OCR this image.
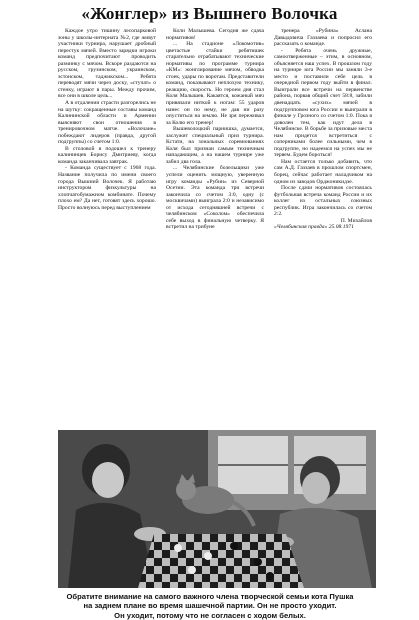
«Жонглер» из Вышнего Волочка

Каждое утро тишину лесопарковой зоны у школы-интерната №2, где живут участники турнира, нарушает дробный перестук мячей. Вместо зарядки игроки команд предпочитают проводить разминку с мячом. Вскоре раздаются на русском, грузинском, украинском, эстонском, таджикском... Ребята переводят мячи через доску, «стучат» о стенку, играют в пары. Между прочим, все они в школе цель...

А в отдалении страсти разгорелись не на шутку: сокращенные составы команд Калининской области и Армении выясняют свои отношения в тренировочном матче. «Волочане» побеждают лидеров (правда, другой подгруппы) со счетом 1:0.

В столовой я подошел к тренеру калининцев Борису Дмитриеву, когда команда заканчивала завтрак.

- Команда существует с 1968 года. Название получила по имени своего города Вышний Волочек. Я работаю инструктором физкультуры на хлопчатобумажном комбинате. Почему плохо ем? Да нет, готовят здесь хорошо. Просто волнуюсь перед выступлением

Коли Малышева. Сегодня же сдача нормативов!

... На стадионе «Локомотив» цветастые стайки ребятишек старательно отрабатывают технические нормативы по программе турнира «КМ»: жонглирование мячом, обводка стоек, удары по воротам. Представители команд, показывают неплохую технику, реакцию, скорость. Но героем дня стал Коля Малышев. Какаятся, кожаный мяч привязали ниткой к ногам: 55 ударов нанес он по нему, не дав ни разу опуститься на землю. Не зря переживал за Колю его тренер!

Вышеволоцкий парнишка, думается, заслужит специальный приз турнира. Кстати, на зональных соревнованиях Коля был признан самым техничным нападающим, а на нашем турнире уже забил два гола.

... Челябинские болельщики уже успели оценить мощную, уверенную игру команды «Рубин» из Северной Осетии. Эта команда три встречи закончила со счетом 3:0, одну (с москвичами) выиграла 2:0 и независимо от исхода сегодняшней встречи с челябинском «Соколом» обеспечила себе выход в финальную четверку. Я встретил на трибуне

тренера «Рубина» Аслана Давыдовича Газзаева и попросил его рассказать о команде.

- Ребята очень дружные, самоотверженные – этим, в основном, объясняется наш успех. В прошлом году на турнире юга России мы заняли 3-е место и поставили себе цель в очередной первом году выйти в финал. Выиграли все встречи на первенстве района, порвав общий счет 58:8, забили двенадцать «сухих» мячей в подгрупповом юга России и выиграли в финале у Грозного со счетом 1:0. Пока я доволен тем, как идут дела в Челябинске. В борьбе за призовые места нам придется встретиться с соперниками более сильными, чем в подгруппе, но надеемся на успех мы не теряем. Будем бороться!

Нам остается только добавить, что сам А.Д. Газзаев в прошлом спортсмен, борец, сейчас работает наладчиком на одном из заводов Орджоникидзе.

После сдачи нормативов состоялась футбольная встреча команд России и их коллег из остальных союзных республик. Игра закончилась со счетом 2:2.

П. Михайлов

«Челябинская правда» 25.08.1971

Обратите внимание на самого важного члена творческой семьи кота Пушка
на заднем плане во время шашечной партии. Он не просто уходит.
Он уходит, потому что не согласен с ходом белых.
